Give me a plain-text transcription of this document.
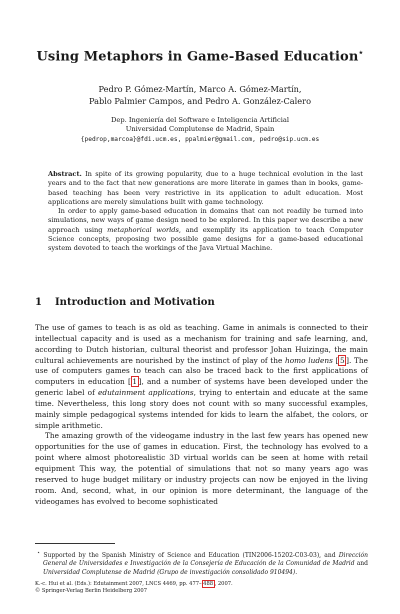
Using Metaphors in Game-Based Education⋆
Pedro P. Gómez-Martín, Marco A. Gómez-Martín,
Pablo Palmier Campos, and Pedro A. González-Calero
Dep. Ingeniería del Software e Inteligencia Artificial
Universidad Complutense de Madrid, Spain
{pedrop,marcoa}@fdi.ucm.es, ppalmier@gmail.com, pedro@sip.ucm.es

Abstract. In spite of its growing popularity, due to a huge technical evolution in the last years and to the fact that new generations are more literate in games than in books, game-based teaching has been very restrictive in its application to adult education. Most applications are merely simulations built with game technology.

In order to apply game-based education in domains that can not readily be turned into simulations, new ways of game design need to be explored. In this paper we describe a new approach using metaphorical worlds, and exemplify its application to teach Computer Science concepts, proposing two possible game designs for a game-based educational system devoted to teach the workings of the Java Virtual Machine.

1 Introduction and Motivation

The use of games to teach is as old as teaching. Game in animals is connected to their intellectual capacity and is used as a mechanism for training and safe learning, and, according to Dutch historian, cultural theorist and professor Johan Huizinga, the main cultural achievements are nourished by the instinct of play of the homo ludens [ 5 ]. The use of computers games to teach can also be traced back to the first applications of computers in education [ 1 ], and a number of systems have been developed under the generic label of edutainment applications, trying to entertain and educate at the same time. Nevertheless, this long story does not count with so many successful examples, mainly simple pedagogical systems intended for kids to learn the alfabet, the colors, or simple arithmetic.

The amazing growth of the videogame industry in the last few years has opened new opportunities for the use of games in education. First, the technology has evolved to a point where almost photorealistic 3D virtual worlds can be seen at home with retail equipment This way, the potential of simulations that not so many years ago was reserved to huge budget military or industry projects can now be enjoyed in the living room. And, second, what, in our opinion is more determinant, the language of the videogames has evolved to become sophisticated

⋆ Supported by the Spanish Ministry of Science and Education (TIN2006-15202-C03-03), and Dirección General de Universidades e Investigación de la Consejería de Educación de la Comunidad de Madrid and Universidad Complutense de Madrid (Grupo de investigación consolidado 910494).

K.-c. Hui et al. (Eds.): Edutainment 2007, LNCS 4469, pp. 477– 488 , 2007.
© Springer-Verlag Berlin Heidelberg 2007
